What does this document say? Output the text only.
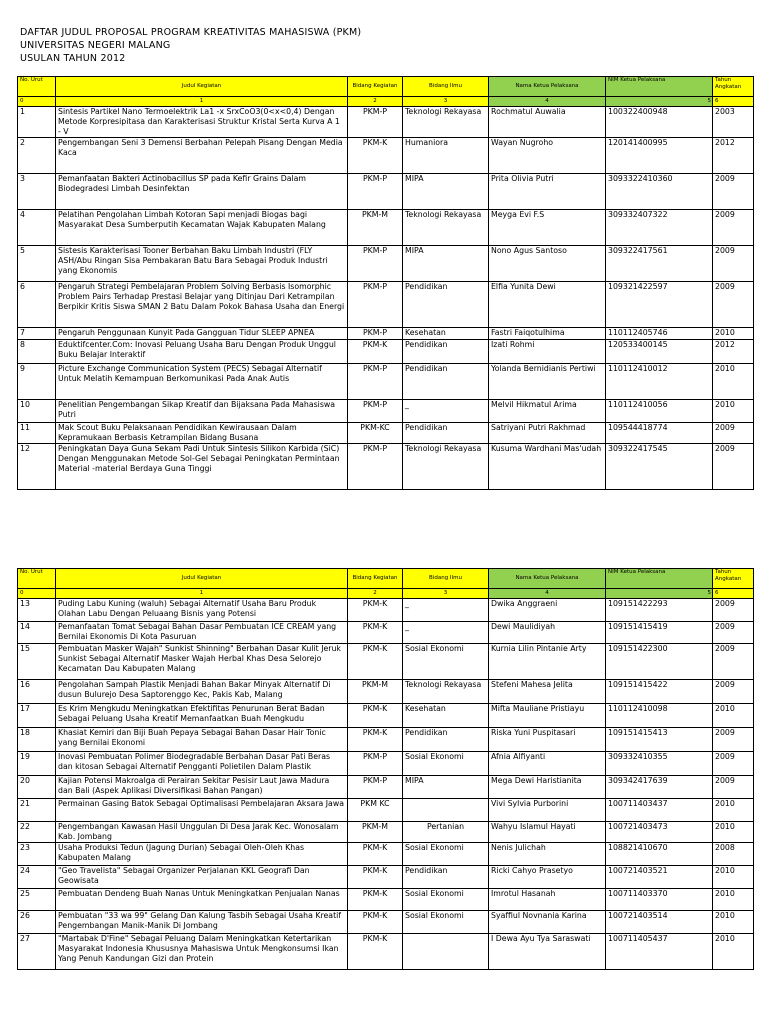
DAFTAR JUDUL PROPOSAL PROGRAM KREATIVITAS MAHASISWA (PKM)
UNIVERSITAS NEGERI MALANG
USULAN TAHUN 2012
No. Urut	Judul Kegiatan	Bidang Kegiatan	Bidang Ilmu	Nama Ketua Pelaksana	NIM Ketua Pelaksana	Tahun Angkatan
0	1	2	3	4	5	6
1	Sintesis Partikel Nano Termoelektrik La1 -x SrxCoO3(0<x<0,4) Dengan Metode Korpresipitasa dan Karakterisasi Struktur Kristal Serta Kurva A 1 - V	PKM-P	Teknologi Rekayasa	Rochmatul Auwalia	100322400948	2003
2	Pengembangan Seni 3 Demensi Berbahan Pelepah Pisang Dengan Media Kaca	PKM-K	Humaniora	Wayan Nugroho	120141400995	2012
3	Pemanfaatan Bakteri Actinobacillus SP pada Kefir Grains Dalam Biodegradesi Limbah Desinfektan	PKM-P	MIPA	Prita Olivia Putri	3093322410360	2009
4	Pelatihan Pengolahan Limbah Kotoran Sapi menjadi Biogas bagi Masyarakat Desa Sumberputih Kecamatan Wajak Kabupaten Malang	PKM-M	Teknologi Rekayasa	Meyga Evi F.S	309332407322	2009
5	Sistesis Karakterisasi Tooner Berbahan Baku Limbah Industri (FLY ASH/Abu Ringan Sisa Pembakaran Batu Bara Sebagai Produk Industri yang Ekonomis	PKM-P	MIPA	Nono Agus Santoso	309322417561	2009
6	Pengaruh Strategi Pembelajaran Problem Solving Berbasis Isomorphic Problem Pairs Terhadap Prestasi Belajar yang Ditinjau Dari Ketrampilan Berpikir Kritis Siswa SMAN 2 Batu Dalam Pokok Bahasa Usaha dan Energi	PKM-P	Pendidikan	Elfia Yunita Dewi	109321422597	2009
7	Pengaruh Penggunaan Kunyit Pada Gangguan Tidur SLEEP APNEA	PKM-P	Kesehatan	Fastri Faiqotulhima	110112405746	2010
8	Eduktifcenter.Com: Inovasi Peluang Usaha Baru Dengan Produk Unggul Buku Belajar Interaktif	PKM-K	Pendidikan	Izati Rohmi	120533400145	2012
9	Picture Exchange Communication System (PECS) Sebagai Alternatif Untuk Melatih Kemampuan Berkomunikasi Pada Anak Autis	PKM-P	Pendidikan	Yolanda Bernidianis Pertiwi	110112410012	2010
10	Penelitian Pengembangan Sikap Kreatif dan Bijaksana Pada Mahasiswa Putri	PKM-P	_	Melvil Hikmatul Arima	110112410056	2010
11	Mak Scout Buku Pelaksanaan Pendidikan Kewirausaan Dalam Kepramukaan Berbasis Ketrampilan Bidang Busana	PKM-KC	Pendidikan	Satriyani Putri Rakhmad	109544418774	2009
12	Peningkatan Daya Guna Sekam Padi Untuk Sintesis Silikon Karbida (SiC) Dengan Menggunakan Metode Sol-Gel Sebagai Peningkatan Permintaan Material -material Berdaya Guna Tinggi	PKM-P	Teknologi Rekayasa	Kusuma Wardhani Mas'udah	309322417545	2009
No. Urut	Judul Kegiatan	Bidang Kegiatan	Bidang Ilmu	Nama Ketua Pelaksana	NIM Ketua Pelaksana	Tahun Angkatan
0	1	2	3	4	5	6
13	Puding Labu Kuning (waluh) Sebagai Alternatif Usaha Baru Produk Olahan Labu Dengan Peluaang Bisnis yang Potensi	PKM-K	_	Dwika Anggraeni	109151422293	2009
14	Pemanfaatan Tomat Sebagai Bahan Dasar Pembuatan ICE CREAM yang Bernilai Ekonomis Di Kota Pasuruan	PKM-K	_	Dewi Maulidiyah	109151415419	2009
15	Pembuatan Masker Wajah" Sunkist Shinning" Berbahan Dasar Kulit Jeruk Sunkist Sebagai Alternatif Masker Wajah Herbal Khas Desa Selorejo Kecamatan Dau Kabupaten Malang	PKM-K	Sosial Ekonomi	Kurnia Lilin Pintanie Arty	109151422300	2009
16	Pengolahan Sampah Plastik Menjadi Bahan Bakar Minyak Alternatif Di dusun Bulurejo Desa Saptorenggo Kec, Pakis Kab, Malang	PKM-M	Teknologi Rekayasa	Stefeni Mahesa Jelita	109151415422	2009
17	Es Krim Mengkudu Meningkatkan Efektifitas Penurunan Berat Badan Sebagai Peluang Usaha Kreatif Memanfaatkan Buah Mengkudu	PKM-K	Kesehatan	Mifta Mauliane Pristiayu	110112410098	2010
18	Khasiat Kemiri dan Biji Buah Pepaya Sebagai Bahan Dasar Hair Tonic yang Bernilai Ekonomi	PKM-K	Pendidikan	Riska Yuni Puspitasari	109151415413	2009
19	Inovasi Pembuatan Polimer Biodegradable Berbahan Dasar Pati Beras dan kitosan Sebagai Alternatif Pengganti Polietilen Dalam Plastik	PKM-P	Sosial Ekonomi	Afnia Alfiyanti	309332410355	2009
20	Kajian Potensi Makroalga di Perairan Sekitar Pesisir Laut Jawa Madura dan Bali (Aspek Aplikasi Diversifikasi Bahan Pangan)	PKM-P	MIPA	Mega Dewi Haristianita	309342417639	2009
21	Permainan Gasing Batok Sebagai Optimalisasi Pembelajaran Aksara Jawa	PKM KC		Vivi Sylvia Purborini	100711403437	2010
22	Pengembangan Kawasan Hasil Unggulan Di Desa Jarak Kec. Wonosalam Kab. Jombang	PKM-M	Pertanian	Wahyu Islamul Hayati	100721403473	2010
23	Usaha Produksi Tedun (Jagung Durian) Sebagai Oleh-Oleh Khas Kabupaten Malang	PKM-K	Sosial Ekonomi	Nenis Julichah	108821410670	2008
24	"Geo Travelista" Sebagai Organizer Perjalanan KKL Geografi Dan Geowisata	PKM-K	Pendidikan	Ricki Cahyo Prasetyo	100721403521	2010
25	Pembuatan Dendeng Buah Nanas Untuk Meningkatkan Penjualan Nanas	PKM-K	Sosial Ekonomi	Imrotul Hasanah	100711403370	2010
26	Pembuatan "33 wa 99" Gelang Dan Kalung Tasbih Sebagai Usaha Kreatif Pengembangan Manik-Manik Di Jombang	PKM-K	Sosial Ekonomi	Syaffiul Novnania Karina	100721403514	2010
27	"Martabak D'Fine" Sebagai Peluang Dalam Meningkatkan Ketertarikan Masyarakat Indonesia Khususnya Mahasiswa Untuk Mengkonsumsi Ikan Yang Penuh Kandungan Gizi dan Protein	PKM-K		I Dewa Ayu Tya Saraswati	100711405437	2010
